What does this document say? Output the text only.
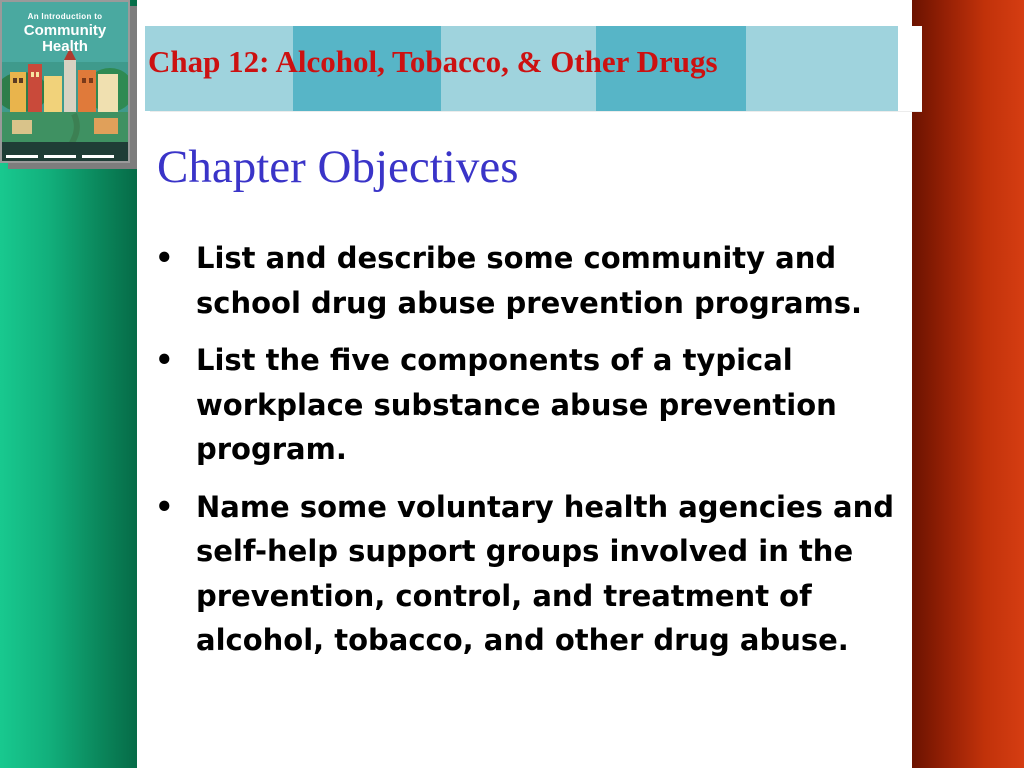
An Introduction to
Community
Health	Chap 12: Alcohol, Tobacco, & Other Drugs
Chapter Objectives
• List and describe some community and school drug abuse prevention programs.
• List the five components of a typical workplace substance abuse prevention program.
• Name some voluntary health agencies and self-help support groups involved in the prevention, control, and treatment of alcohol, tobacco, and other drug abuse.
